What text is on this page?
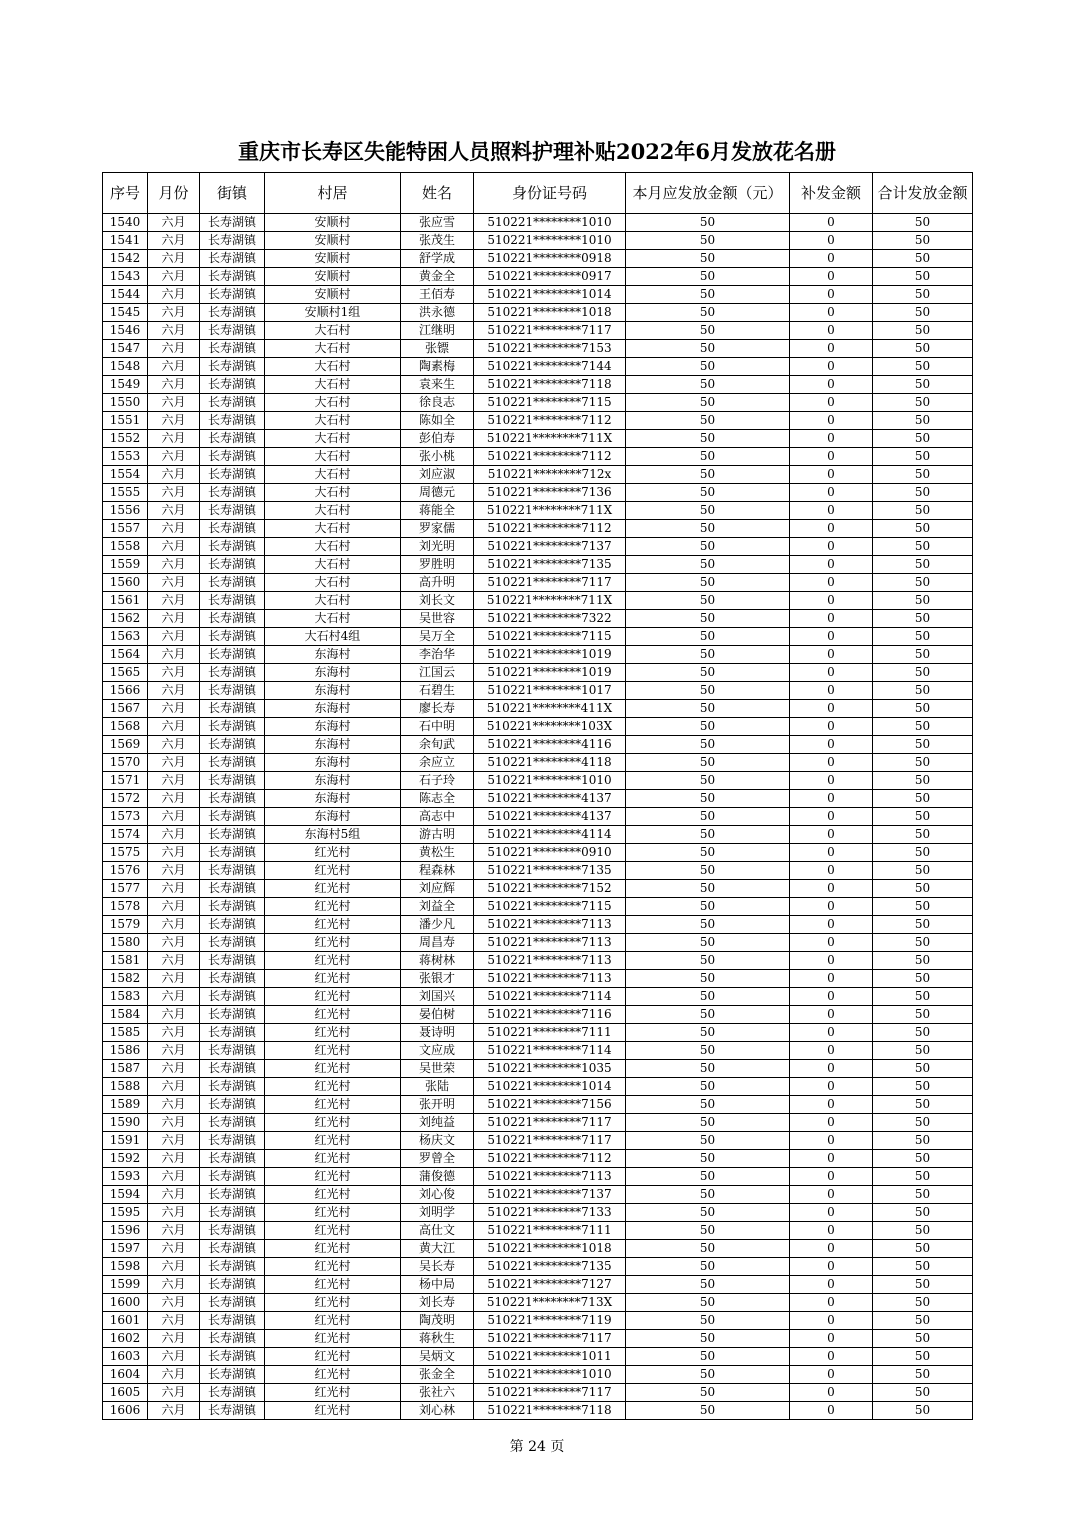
重庆市长寿区失能特困人员照料护理补贴2022年6月发放花名册
序号	月份	街镇	村居	姓名	身份证号码	本月应发放金额（元）	补发金额	合计发放金额
1540	六月	长寿湖镇	安顺村	张应雪	510221********1010	50	0	50
1541	六月	长寿湖镇	安顺村	张茂生	510221********1010	50	0	50
1542	六月	长寿湖镇	安顺村	舒学成	510221********0918	50	0	50
1543	六月	长寿湖镇	安顺村	黄金全	510221********0917	50	0	50
1544	六月	长寿湖镇	安顺村	王佰寿	510221********1014	50	0	50
1545	六月	长寿湖镇	安顺村1组	洪永德	510221********1018	50	0	50
1546	六月	长寿湖镇	大石村	江继明	510221********7117	50	0	50
1547	六月	长寿湖镇	大石村	张镖	510221********7153	50	0	50
1548	六月	长寿湖镇	大石村	陶素梅	510221********7144	50	0	50
1549	六月	长寿湖镇	大石村	袁来生	510221********7118	50	0	50
1550	六月	长寿湖镇	大石村	徐良志	510221********7115	50	0	50
1551	六月	长寿湖镇	大石村	陈如全	510221********7112	50	0	50
1552	六月	长寿湖镇	大石村	彭伯寿	510221********711X	50	0	50
1553	六月	长寿湖镇	大石村	张小桃	510221********7112	50	0	50
1554	六月	长寿湖镇	大石村	刘应淑	510221********712x	50	0	50
1555	六月	长寿湖镇	大石村	周德元	510221********7136	50	0	50
1556	六月	长寿湖镇	大石村	蒋能全	510221********711X	50	0	50
1557	六月	长寿湖镇	大石村	罗家儒	510221********7112	50	0	50
1558	六月	长寿湖镇	大石村	刘光明	510221********7137	50	0	50
1559	六月	长寿湖镇	大石村	罗胜明	510221********7135	50	0	50
1560	六月	长寿湖镇	大石村	高升明	510221********7117	50	0	50
1561	六月	长寿湖镇	大石村	刘长文	510221********711X	50	0	50
1562	六月	长寿湖镇	大石村	吴世容	510221********7322	50	0	50
1563	六月	长寿湖镇	大石村4组	吴万全	510221********7115	50	0	50
1564	六月	长寿湖镇	东海村	李治华	510221********1019	50	0	50
1565	六月	长寿湖镇	东海村	江国云	510221********1019	50	0	50
1566	六月	长寿湖镇	东海村	石碧生	510221********1017	50	0	50
1567	六月	长寿湖镇	东海村	廖长寿	510221********411X	50	0	50
1568	六月	长寿湖镇	东海村	石中明	510221********103X	50	0	50
1569	六月	长寿湖镇	东海村	余旬武	510221********4116	50	0	50
1570	六月	长寿湖镇	东海村	余应立	510221********4118	50	0	50
1571	六月	长寿湖镇	东海村	石子玲	510221********1010	50	0	50
1572	六月	长寿湖镇	东海村	陈志全	510221********4137	50	0	50
1573	六月	长寿湖镇	东海村	高志中	510221********4137	50	0	50
1574	六月	长寿湖镇	东海村5组	游古明	510221********4114	50	0	50
1575	六月	长寿湖镇	红光村	黄松生	510221********0910	50	0	50
1576	六月	长寿湖镇	红光村	程森林	510221********7135	50	0	50
1577	六月	长寿湖镇	红光村	刘应辉	510221********7152	50	0	50
1578	六月	长寿湖镇	红光村	刘益全	510221********7115	50	0	50
1579	六月	长寿湖镇	红光村	潘少凡	510221********7113	50	0	50
1580	六月	长寿湖镇	红光村	周昌寿	510221********7113	50	0	50
1581	六月	长寿湖镇	红光村	蒋树林	510221********7113	50	0	50
1582	六月	长寿湖镇	红光村	张银才	510221********7113	50	0	50
1583	六月	长寿湖镇	红光村	刘国兴	510221********7114	50	0	50
1584	六月	长寿湖镇	红光村	晏伯树	510221********7116	50	0	50
1585	六月	长寿湖镇	红光村	聂诗明	510221********7111	50	0	50
1586	六月	长寿湖镇	红光村	文应成	510221********7114	50	0	50
1587	六月	长寿湖镇	红光村	吴世荣	510221********1035	50	0	50
1588	六月	长寿湖镇	红光村	张陆	510221********1014	50	0	50
1589	六月	长寿湖镇	红光村	张开明	510221********7156	50	0	50
1590	六月	长寿湖镇	红光村	刘纯益	510221********7117	50	0	50
1591	六月	长寿湖镇	红光村	杨庆文	510221********7117	50	0	50
1592	六月	长寿湖镇	红光村	罗曾全	510221********7112	50	0	50
1593	六月	长寿湖镇	红光村	蒲俊德	510221********7113	50	0	50
1594	六月	长寿湖镇	红光村	刘心俊	510221********7137	50	0	50
1595	六月	长寿湖镇	红光村	刘明学	510221********7133	50	0	50
1596	六月	长寿湖镇	红光村	高仕文	510221********7111	50	0	50
1597	六月	长寿湖镇	红光村	黄大江	510221********1018	50	0	50
1598	六月	长寿湖镇	红光村	吴长寿	510221********7135	50	0	50
1599	六月	长寿湖镇	红光村	杨中局	510221********7127	50	0	50
1600	六月	长寿湖镇	红光村	刘长寿	510221********713X	50	0	50
1601	六月	长寿湖镇	红光村	陶茂明	510221********7119	50	0	50
1602	六月	长寿湖镇	红光村	蒋秋生	510221********7117	50	0	50
1603	六月	长寿湖镇	红光村	吴炳文	510221********1011	50	0	50
1604	六月	长寿湖镇	红光村	张金全	510221********1010	50	0	50
1605	六月	长寿湖镇	红光村	张社六	510221********7117	50	0	50
1606	六月	长寿湖镇	红光村	刘心林	510221********7118	50	0	50
第 24 页
